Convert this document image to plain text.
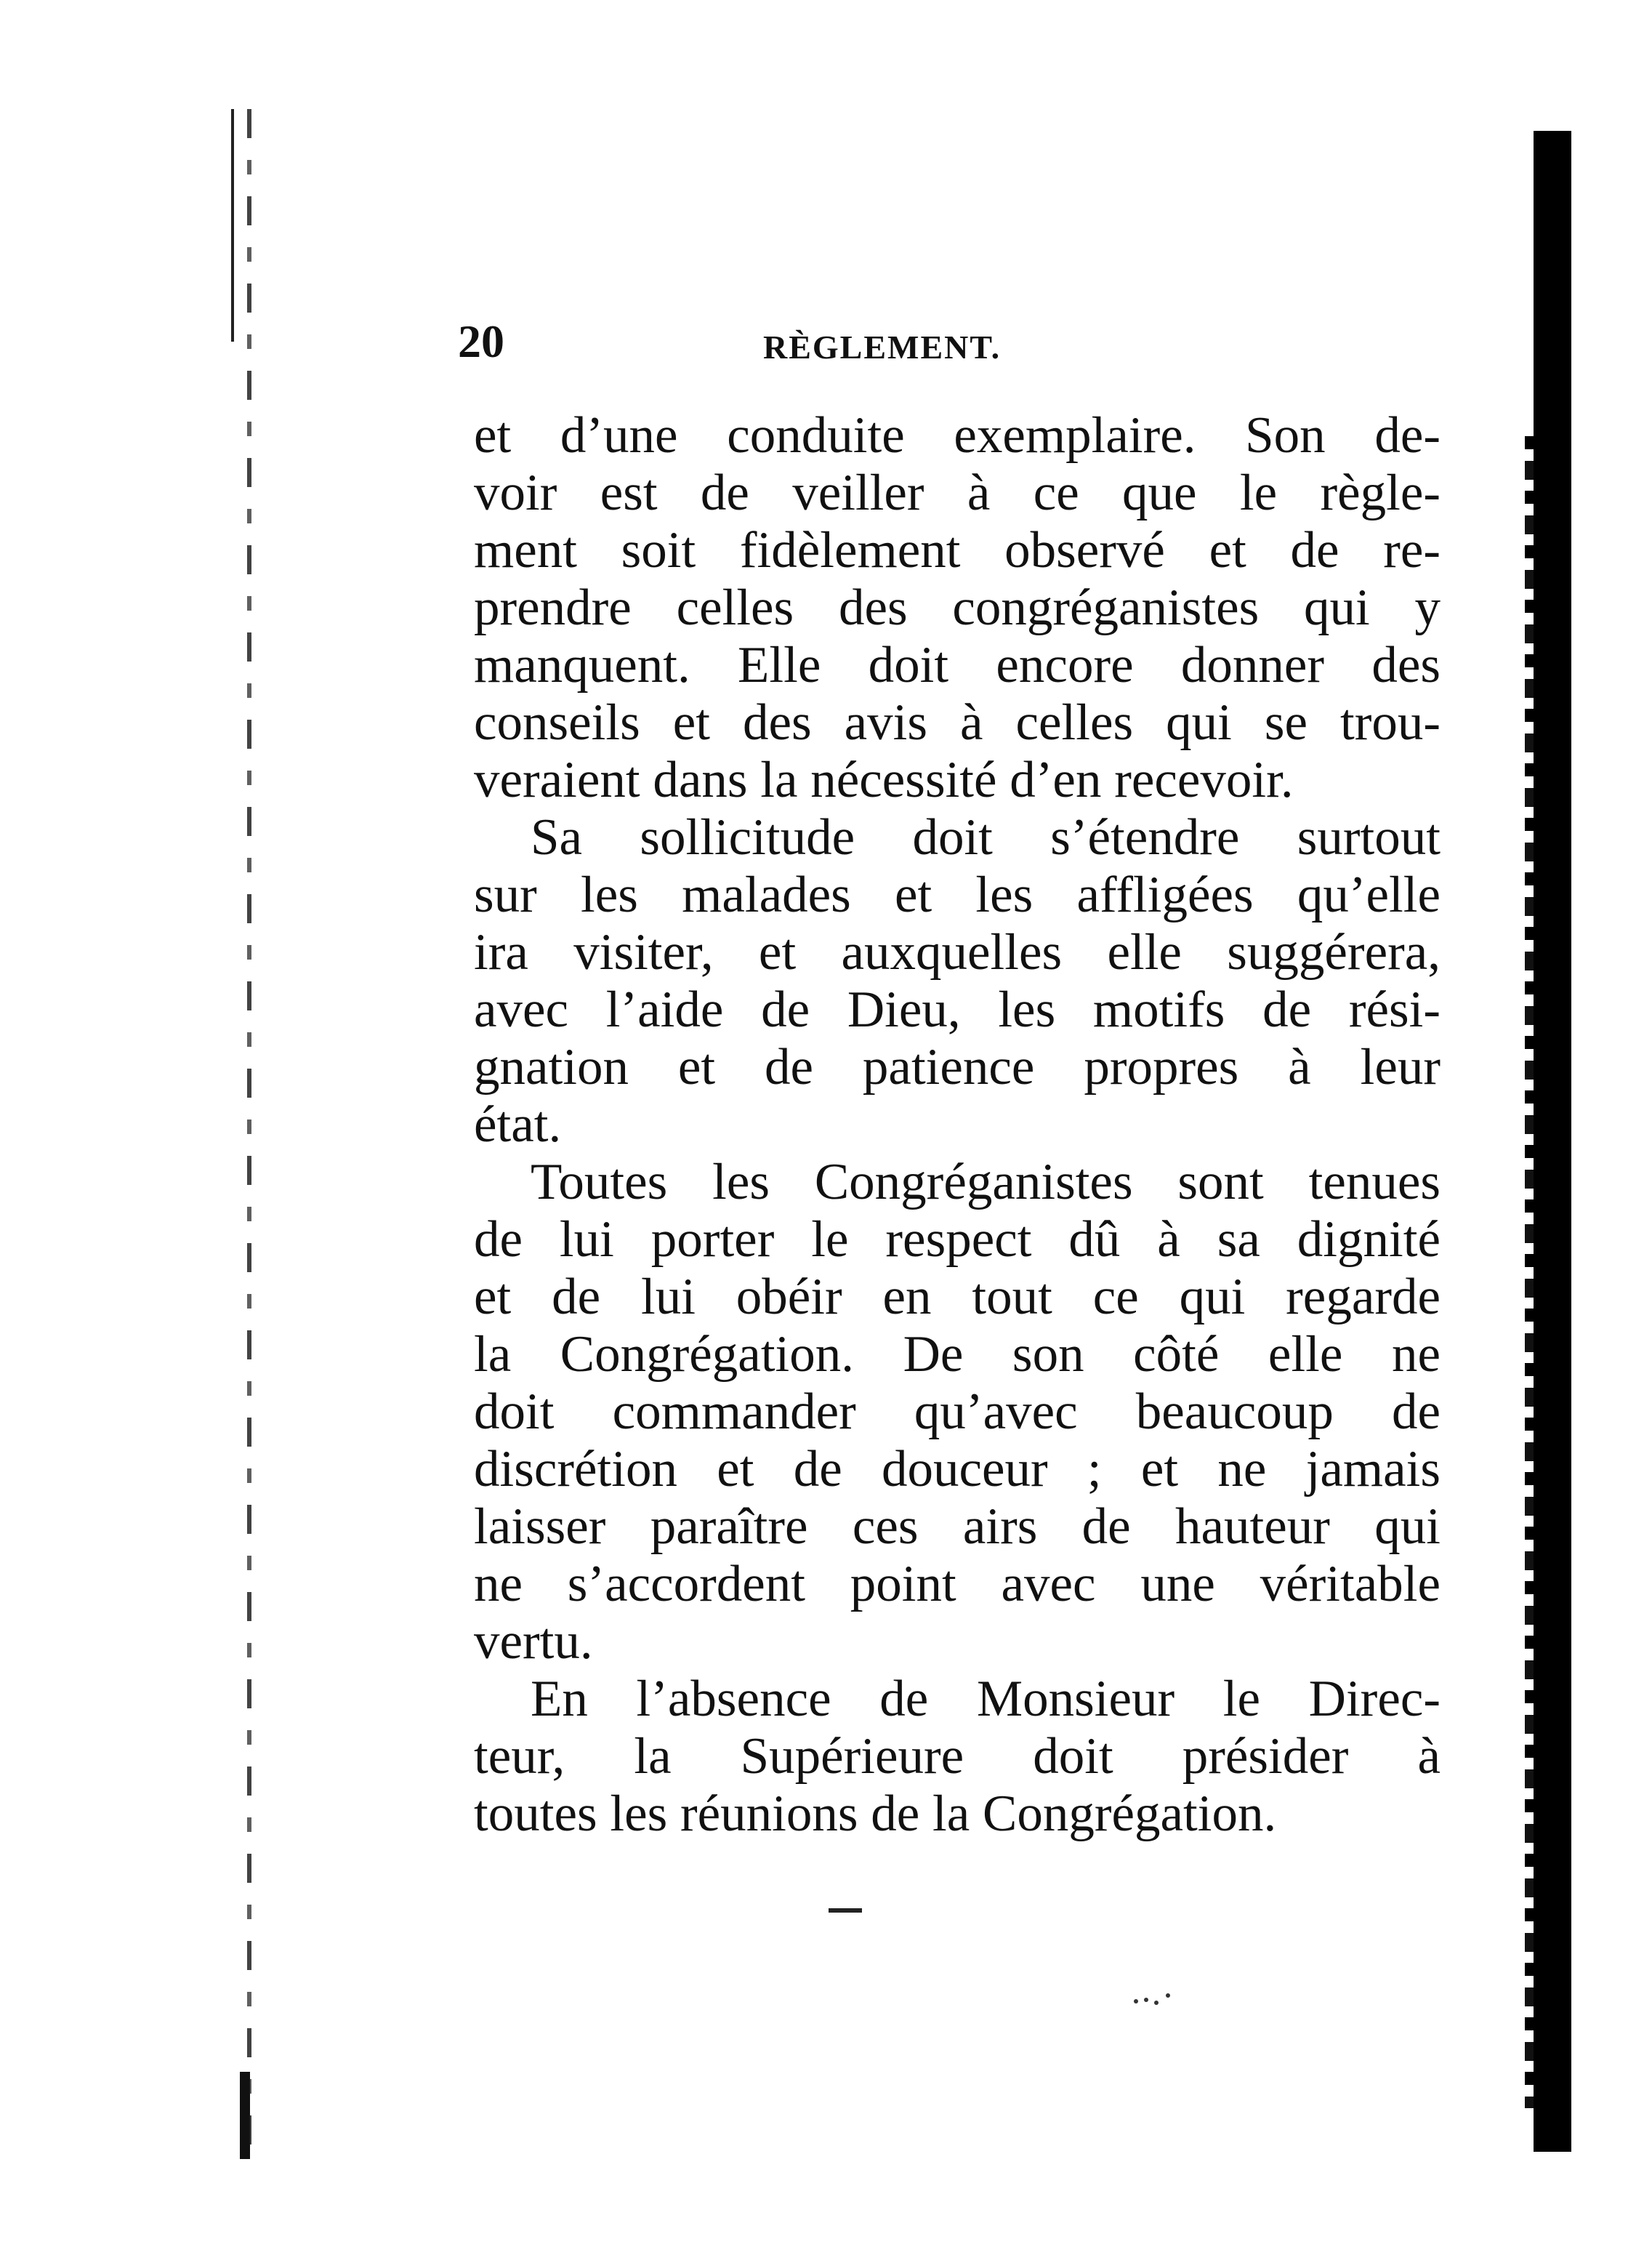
20	RÈGLEMENT.
et d’une conduite exemplaire. Son de-
voir est de veiller à ce que le règle-
ment soit fidèlement observé et de re-
prendre celles des congréganistes qui y
manquent. Elle doit encore donner des
conseils et des avis à celles qui se trou-
veraient dans la nécessité d’en recevoir.
Sa sollicitude doit s’étendre surtout
sur les malades et les affligées qu’elle
ira visiter, et auxquelles elle suggérera,
avec l’aide de Dieu, les motifs de rési-
gnation et de patience propres à leur
état.
Toutes les Congréganistes sont tenues
de lui porter le respect dû à sa dignité
et de lui obéir en tout ce qui regarde
la Congrégation. De son côté elle ne
doit commander qu’avec beaucoup de
discrétion et de douceur ; et ne jamais
laisser paraître ces airs de hauteur qui
ne s’accordent point avec une véritable
vertu.
En l’absence de Monsieur le Direc-
teur, la Supérieure doit présider à
toutes les réunions de la Congrégation.
